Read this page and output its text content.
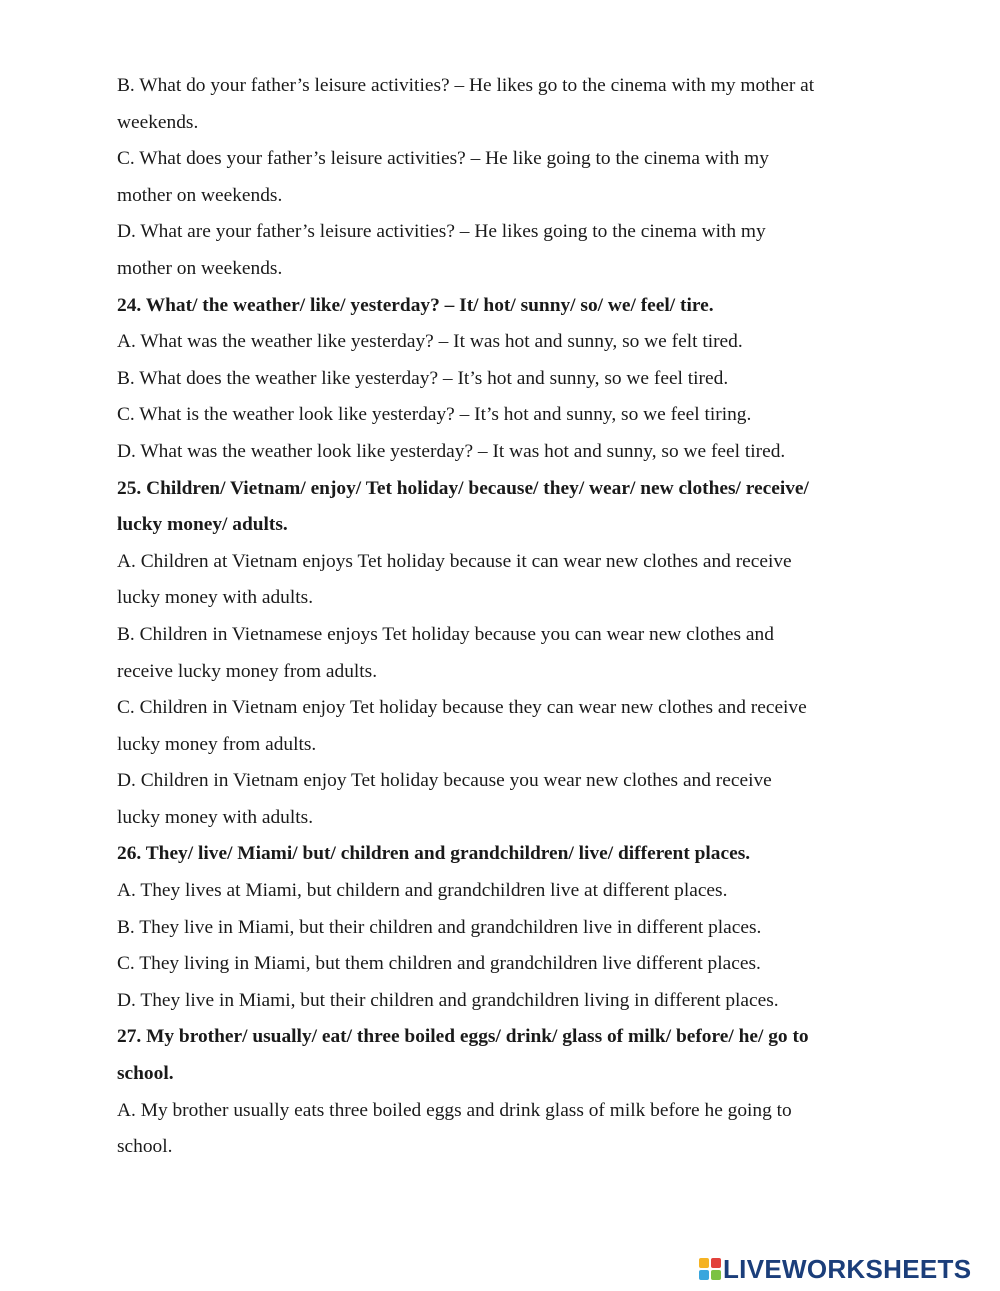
B. What do your father’s leisure activities? – He likes go to the cinema with my mother at
weekends.
C. What does your father’s leisure activities? – He like going to the cinema with my
mother on weekends.
D. What are your father’s leisure activities? – He likes going to the cinema with my
mother on weekends.
24. What/ the weather/ like/ yesterday? – It/ hot/ sunny/ so/ we/ feel/ tire.
A. What was the weather like yesterday? – It was hot and sunny, so we felt tired.
B. What does the weather like yesterday? – It’s hot and sunny, so we feel tired.
C. What is the weather look like yesterday? – It’s hot and sunny, so we feel tiring.
D. What was the weather look like yesterday? – It was hot and sunny, so we feel tired.
25. Children/ Vietnam/ enjoy/ Tet holiday/ because/ they/ wear/ new clothes/ receive/
lucky money/ adults.
A. Children at Vietnam enjoys Tet holiday because it can wear new clothes and receive
lucky money with adults.
B. Children in Vietnamese enjoys Tet holiday because you can wear new clothes and
receive lucky money from adults.
C. Children in Vietnam enjoy Tet holiday because they can wear new clothes and receive
lucky money from adults.
D. Children in Vietnam enjoy Tet holiday because you wear new clothes and receive
lucky money with adults.
26. They/ live/ Miami/ but/ children and grandchildren/ live/ different places.
A. They lives at Miami, but childern and grandchildren live at different places.
B. They live in Miami, but their children and grandchildren live in different places.
C. They living in Miami, but them children and grandchildren live different places.
D. They live in Miami, but their children and grandchildren living in different places.
27. My brother/ usually/ eat/ three boiled eggs/ drink/ glass of milk/ before/ he/ go to
school.
A. My brother usually eats three boiled eggs and drink glass of milk before he going to
school.
LIVEWORKSHEETS
